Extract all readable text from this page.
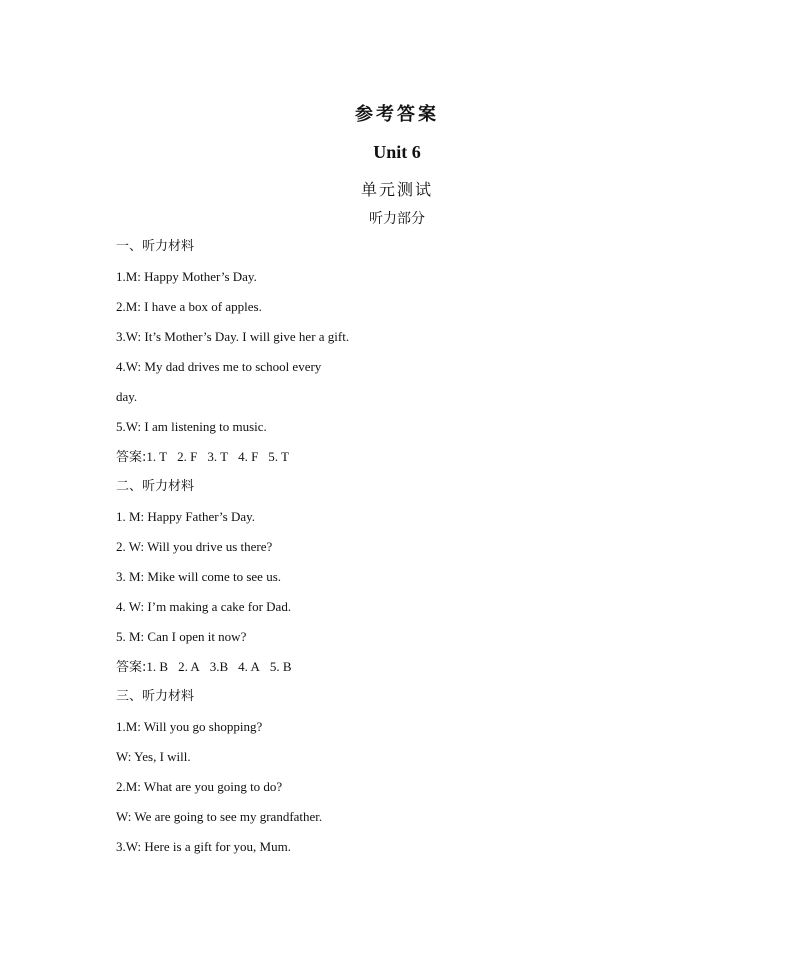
参考答案
Unit 6
单元测试
听力部分
一、听力材料
1.M: Happy Mother’s Day.
2.M: I have a box of apples.
3.W: It’s Mother’s Day. I will give her a gift.
4.W: My dad drives me to school every
day.
5.W: I am listening to music.
答案:1. T 2. F 3. T 4. F 5. T
二、听力材料
1. M: Happy Father’s Day.
2. W: Will you drive us there?
3. M: Mike will come to see us.
4. W: I’m making a cake for Dad.
5. M: Can I open it now?
答案:1. B 2. A 3.B 4. A 5. B
三、听力材料
1.M: Will you go shopping?
W: Yes, I will.
2.M: What are you going to do?
W: We are going to see my grandfather.
3.W: Here is a gift for you, Mum.
